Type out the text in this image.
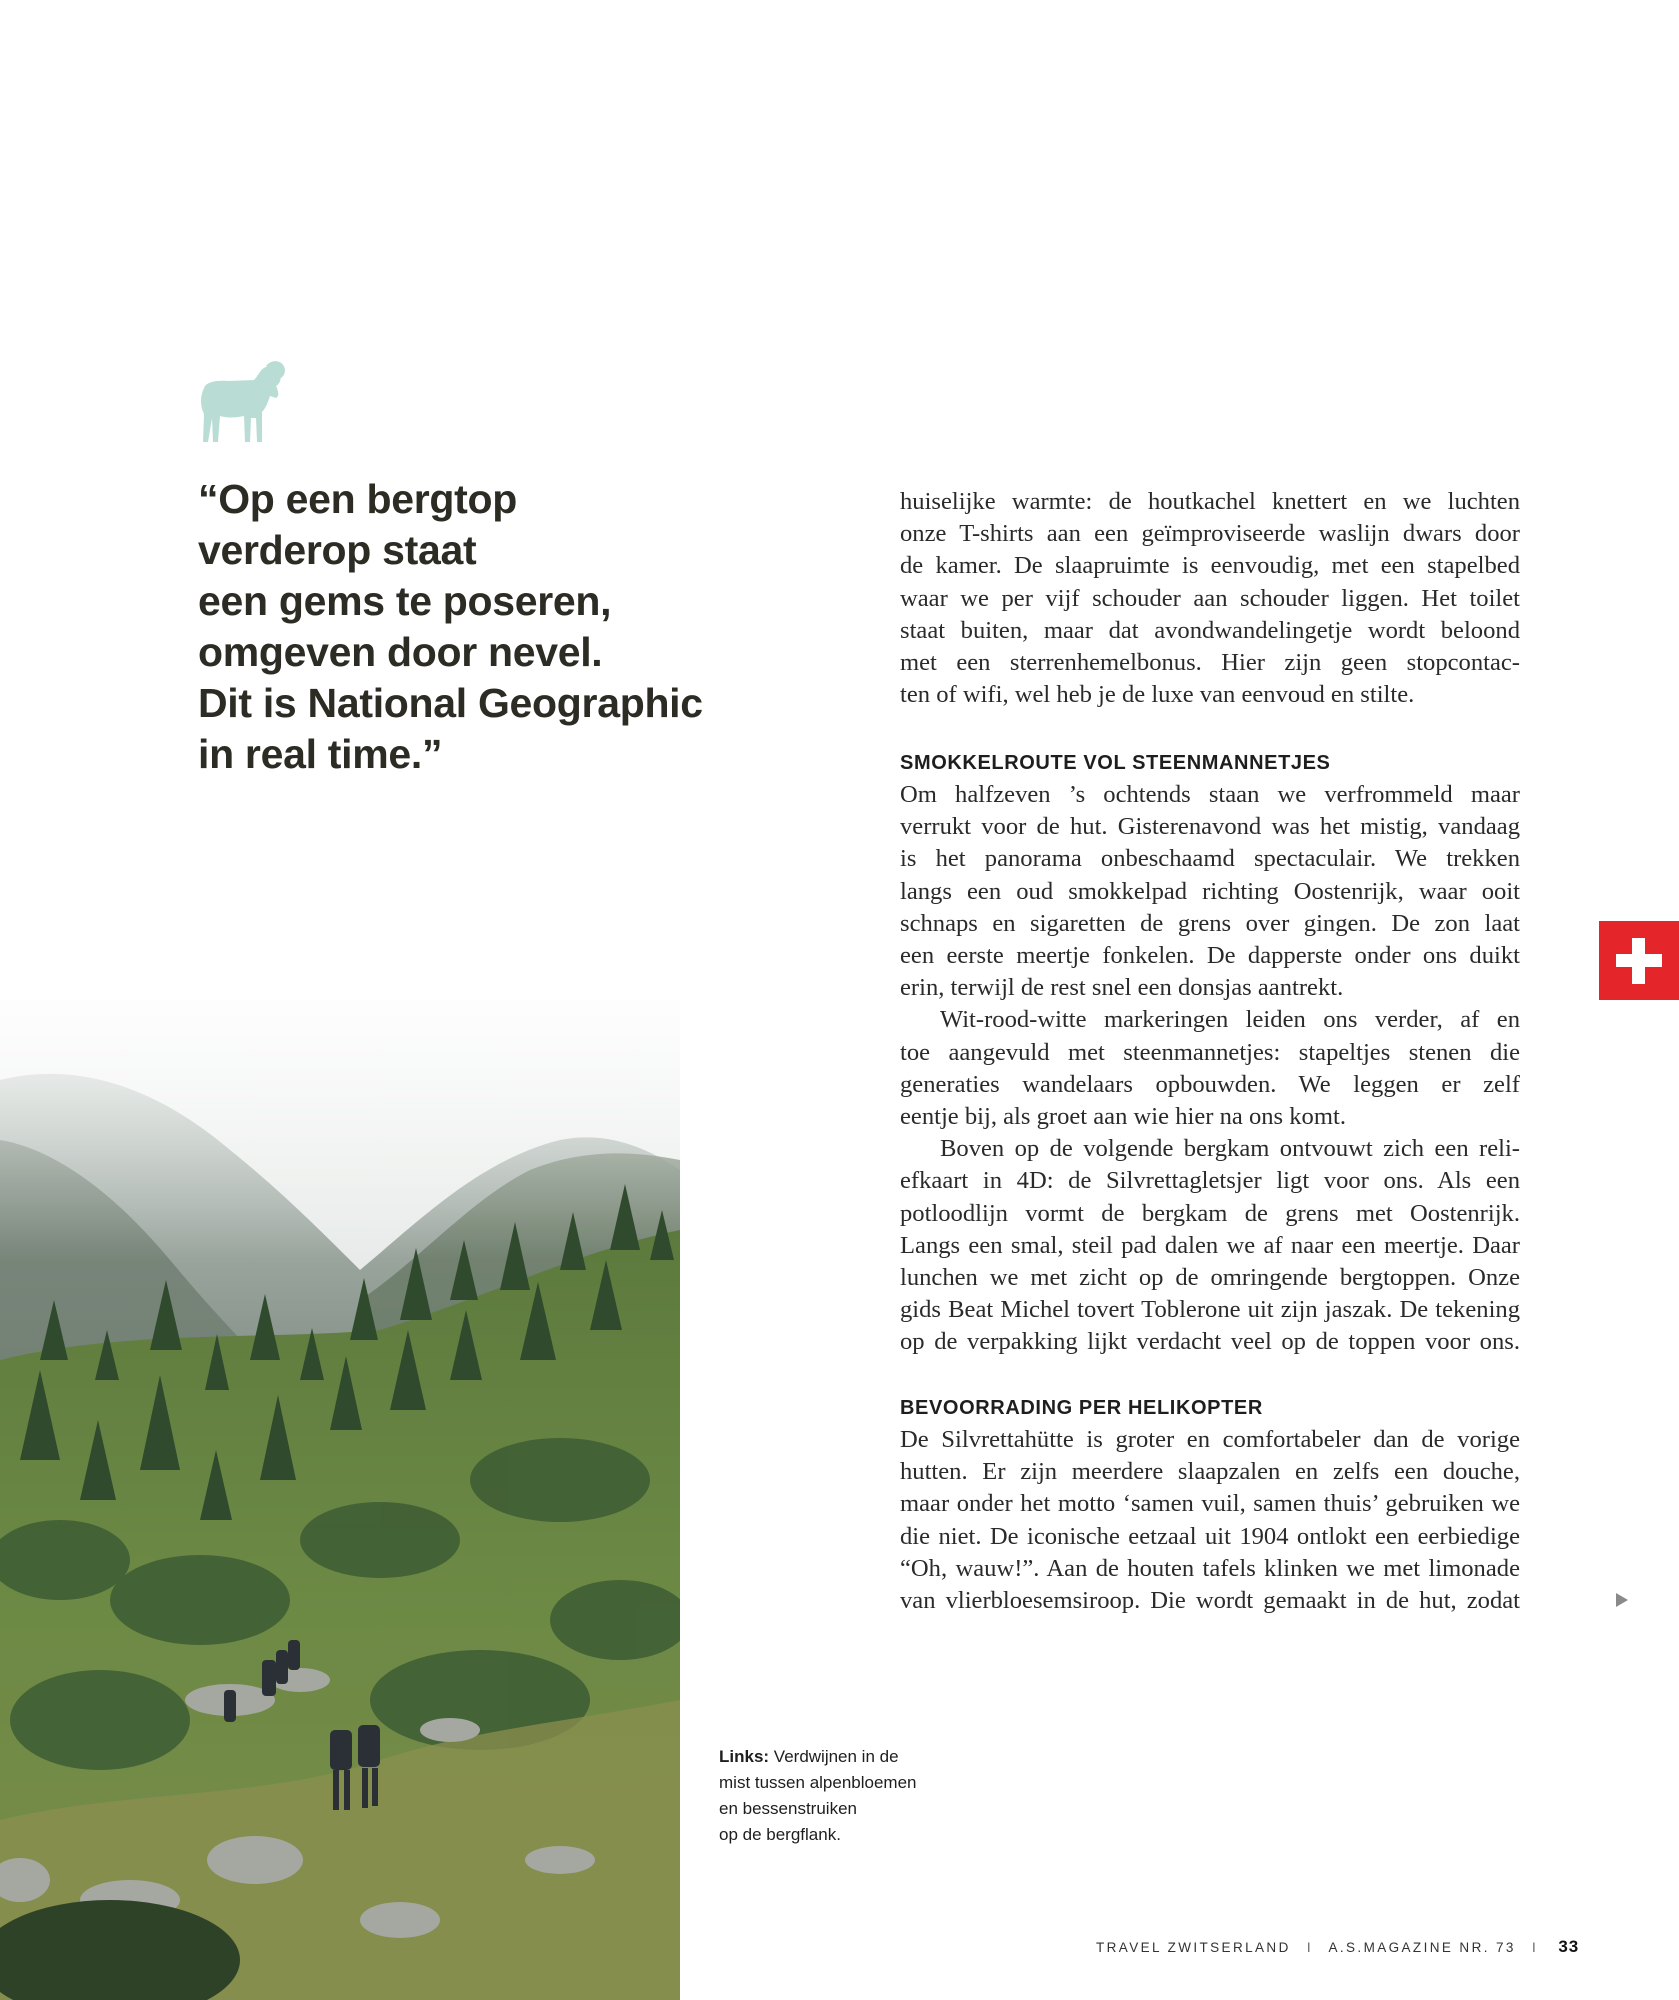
“Op een bergtop
verderop staat
een gems te poseren,
omgeven door nevel.
Dit is National Geographic
in real time.”
huiselijke warmte: de houtkachel knettert en we luchten
onze T-shirts aan een geïmproviseerde waslijn dwars door
de kamer. De slaapruimte is eenvoudig, met een stapelbed
waar we per vijf schouder aan schouder liggen. Het toilet
staat buiten, maar dat avondwandelingetje wordt beloond
met een sterrenhemelbonus. Hier zijn geen stopcontac-
ten of wifi, wel heb je de luxe van eenvoud en stilte.
SMOKKELROUTE VOL STEENMANNETJES
Om halfzeven ’s ochtends staan we verfrommeld maar
verrukt voor de hut. Gisterenavond was het mistig, vandaag
is het panorama onbeschaamd spectaculair. We trekken
langs een oud smokkelpad richting Oostenrijk, waar ooit
schnaps en sigaretten de grens over gingen. De zon laat
een eerste meertje fonkelen. De dapperste onder ons duikt
erin, terwijl de rest snel een donsjas aantrekt.
Wit-rood-witte markeringen leiden ons verder, af en
toe aangevuld met steenmannetjes: stapeltjes stenen die
generaties wandelaars opbouwden. We leggen er zelf
eentje bij, als groet aan wie hier na ons komt.
Boven op de volgende bergkam ontvouwt zich een reli-
efkaart in 4D: de Silvrettagletsjer ligt voor ons. Als een
potloodlijn vormt de bergkam de grens met Oostenrijk.
Langs een smal, steil pad dalen we af naar een meertje. Daar
lunchen we met zicht op de omringende bergtoppen. Onze
gids Beat Michel tovert Toblerone uit zijn jaszak. De tekening
op de verpakking lijkt verdacht veel op de toppen voor ons.
BEVOORRADING PER HELIKOPTER
De Silvrettahütte is groter en comfortabeler dan de vorige
hutten. Er zijn meerdere slaapzalen en zelfs een douche,
maar onder het motto ‘samen vuil, samen thuis’ gebruiken we
die niet. De iconische eetzaal uit 1904 ontlokt een eerbiedige
“Oh, wauw!”. Aan de houten tafels klinken we met limonade
van vlierbloesemsiroop. Die wordt gemaakt in de hut, zodat
Links: Verdwijnen in de
mist tussen alpenbloemen
en bessenstruiken
op de bergflank.
TRAVEL ZWITSERLAND I A.S.MAGAZINE NR. 73 I 33
